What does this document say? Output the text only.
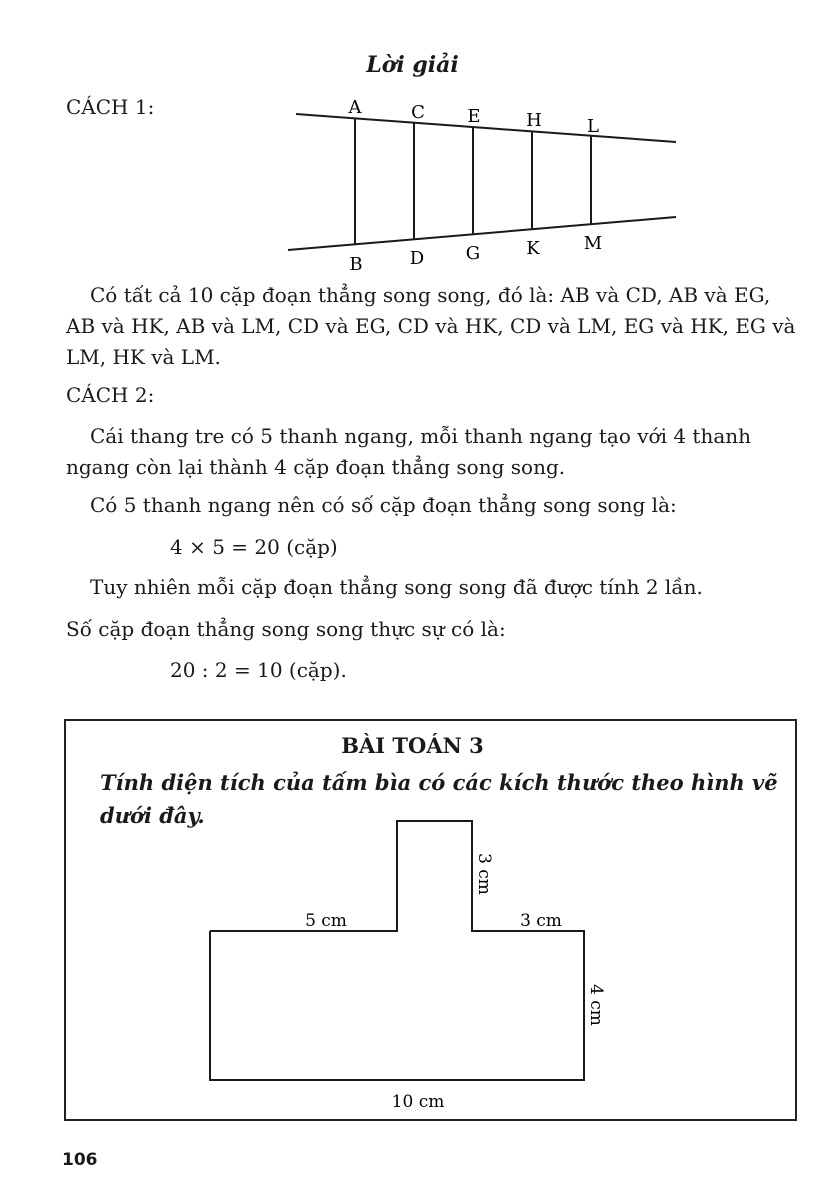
Lời giải
CÁCH 1:	A	C E	H	L
B	D G	K M

Có tất cả 10 cặp đoạn thẳng song song, đó là: AB và CD, AB và EG, AB và HK, AB và LM, CD và EG, CD và HK, CD và LM, EG và HK, EG và LM, HK và LM.

CÁCH 2:

Cái thang tre có 5 thanh ngang, mỗi thanh ngang tạo với 4 thanh ngang còn lại thành 4 cặp đoạn thẳng song song.

Có 5 thanh ngang nên có số cặp đoạn thẳng song song là:

4 × 5 = 20 (cặp)

Tuy nhiên mỗi cặp đoạn thẳng song song đã được tính 2 lần.

Số cặp đoạn thẳng song song thực sự có là:

20 : 2 = 10 (cặp).

BÀI TOÁN 3

Tính diện tích của tấm bìa có các kích thước theo hình vẽ dưới đây.

5 cm	3 cm
3 cm
4 cm
10 cm
106
